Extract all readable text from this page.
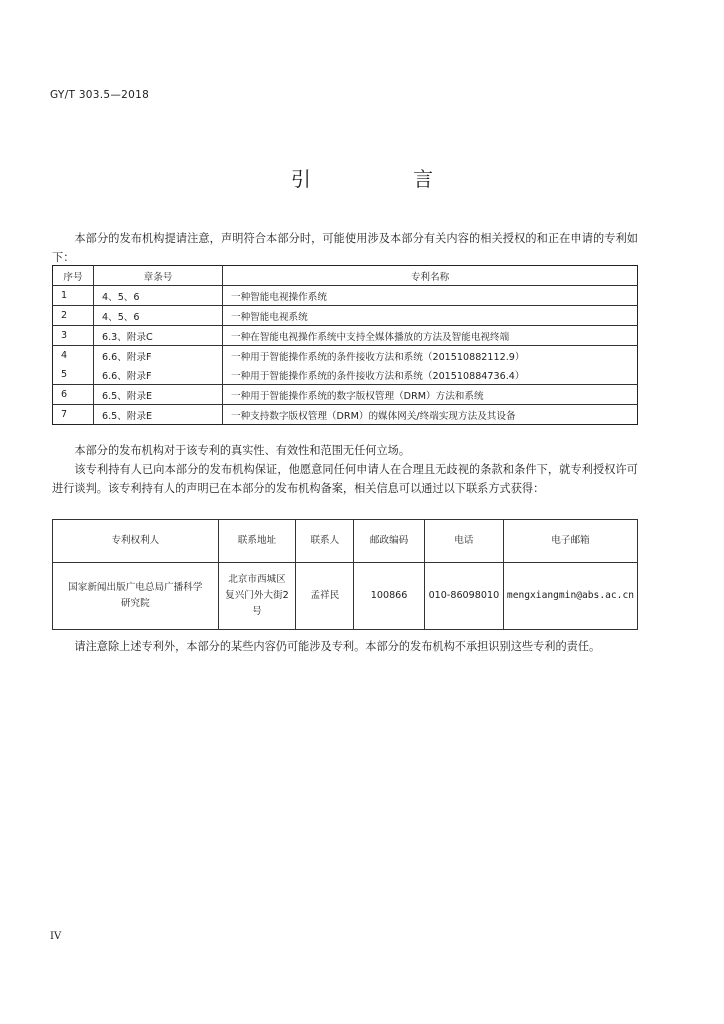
GY/T 303.5—2018
引 言

本部分的发布机构提请注意，声明符合本部分时，可能使用涉及本部分有关内容的相关授权的和正在申请的专利如下：

序号	章条号	专利名称
1	4、5、6	一种智能电视操作系统
2	4、5、6	一种智能电视系统
3	6.3、附录C	一种在智能电视操作系统中支持全媒体播放的方法及智能电视终端
4	6.6、附录F	一种用于智能操作系统的条件接收方法和系统（201510882112.9）
5	6.6、附录F	一种用于智能操作系统的条件接收方法和系统（201510884736.4）
6	6.5、附录E	一种用于智能操作系统的数字版权管理（DRM）方法和系统
7	6.5、附录E	一种支持数字版权管理（DRM）的媒体网关/终端实现方法及其设备

本部分的发布机构对于该专利的真实性、有效性和范围无任何立场。

该专利持有人已向本部分的发布机构保证，他愿意同任何申请人在合理且无歧视的条款和条件下，就专利授权许可进行谈判。该专利持有人的声明已在本部分的发布机构备案，相关信息可以通过以下联系方式获得：

专利权利人	联系地址	联系人	邮政编码	电话	电子邮箱
国家新闻出版广电总局广播科学研究院	北京市西城区复兴门外大街2号	孟祥民	100866	010-86098010	mengxiangmin@abs.ac.cn

请注意除上述专利外，本部分的某些内容仍可能涉及专利。本部分的发布机构不承担识别这些专利的责任。

IV
